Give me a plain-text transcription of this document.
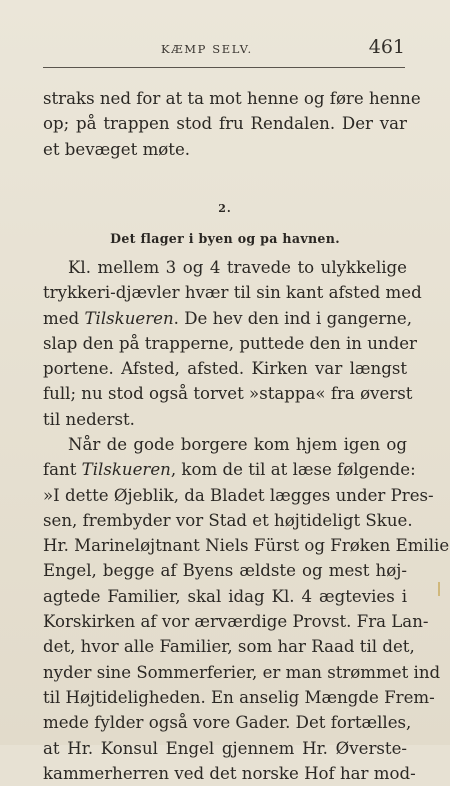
KÆMP SELV.	461
straks ned for at ta mot henne og føre henne
op; på trappen stod fru Rendalen. Der var
et bevæget møte.
2.
Det flager i byen og pa havnen.
Kl. mellem 3 og 4 travede to ulykkelige
trykkeri-djævler hvær til sin kant afsted med
med Tilskueren. De hev den ind i gangerne,
slap den på trapperne, puttede den in under
portene. Afsted, afsted. Kirken var længst
full; nu stod også torvet »stappa« fra øverst
til nederst.
Når de gode borgere kom hjem igen og
fant Tilskueren, kom de til at læse følgende:
»I dette Øjeblik, da Bladet lægges under Pres-
sen, frembyder vor Stad et højtideligt Skue.
Hr. Marineløjtnant Niels Fürst og Frøken Emilie
Engel, begge af Byens ældste og mest høj-
agtede Familier, skal idag Kl. 4 ægtevies i
Korskirken af vor ærværdige Provst. Fra Lan-
det, hvor alle Familier, som har Raad til det,
nyder sine Sommerferier, er man strømmet ind
til Højtideligheden. En anselig Mængde Frem-
mede fylder også vore Gader. Det fortælles,
at Hr. Konsul Engel gjennem Hr. Øverste-
kammerherren ved det norske Hof har mod-
